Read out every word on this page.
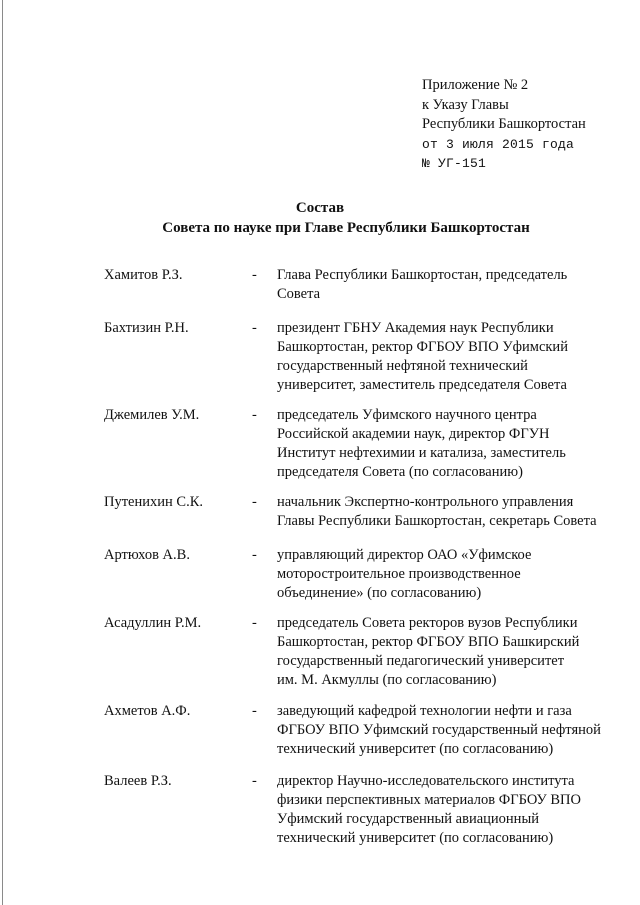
Приложение № 2
к Указу Главы
Республики Башкортостан
от 3 июля 2015 года
№ УГ-151
Состав
Совета по науке при Главе Республики Башкортостан
Хамитов Р.З.	- Глава Республики Башкортостан, председатель
Совета
Бахтизин Р.Н.	- президент ГБНУ Академия наук Республики
Башкортостан, ректор ФГБОУ ВПО Уфимский
государственный нефтяной технический
университет, заместитель председателя Совета
Джемилев У.М.	- председатель Уфимского научного центра
Российской академии наук, директор ФГУН
Институт нефтехимии и катализа, заместитель
председателя Совета (по согласованию)
Путенихин С.К.	- начальник Экспертно-контрольного управления
Главы Республики Башкортостан, секретарь Совета
Артюхов А.В.	- управляющий директор ОАО «Уфимское
моторостроительное производственное
объединение» (по согласованию)
Асадуллин Р.М.	- председатель Совета ректоров вузов Республики
Башкортостан, ректор ФГБОУ ВПО Башкирский
государственный педагогический университет
им. М. Акмуллы (по согласованию)
Ахметов А.Ф.	- заведующий кафедрой технологии нефти и газа
ФГБОУ ВПО Уфимский государственный нефтяной
технический университет (по согласованию)
Валеев Р.З.	- директор Научно-исследовательского института
физики перспективных материалов ФГБОУ ВПО
Уфимский государственный авиационный
технический университет (по согласованию)
